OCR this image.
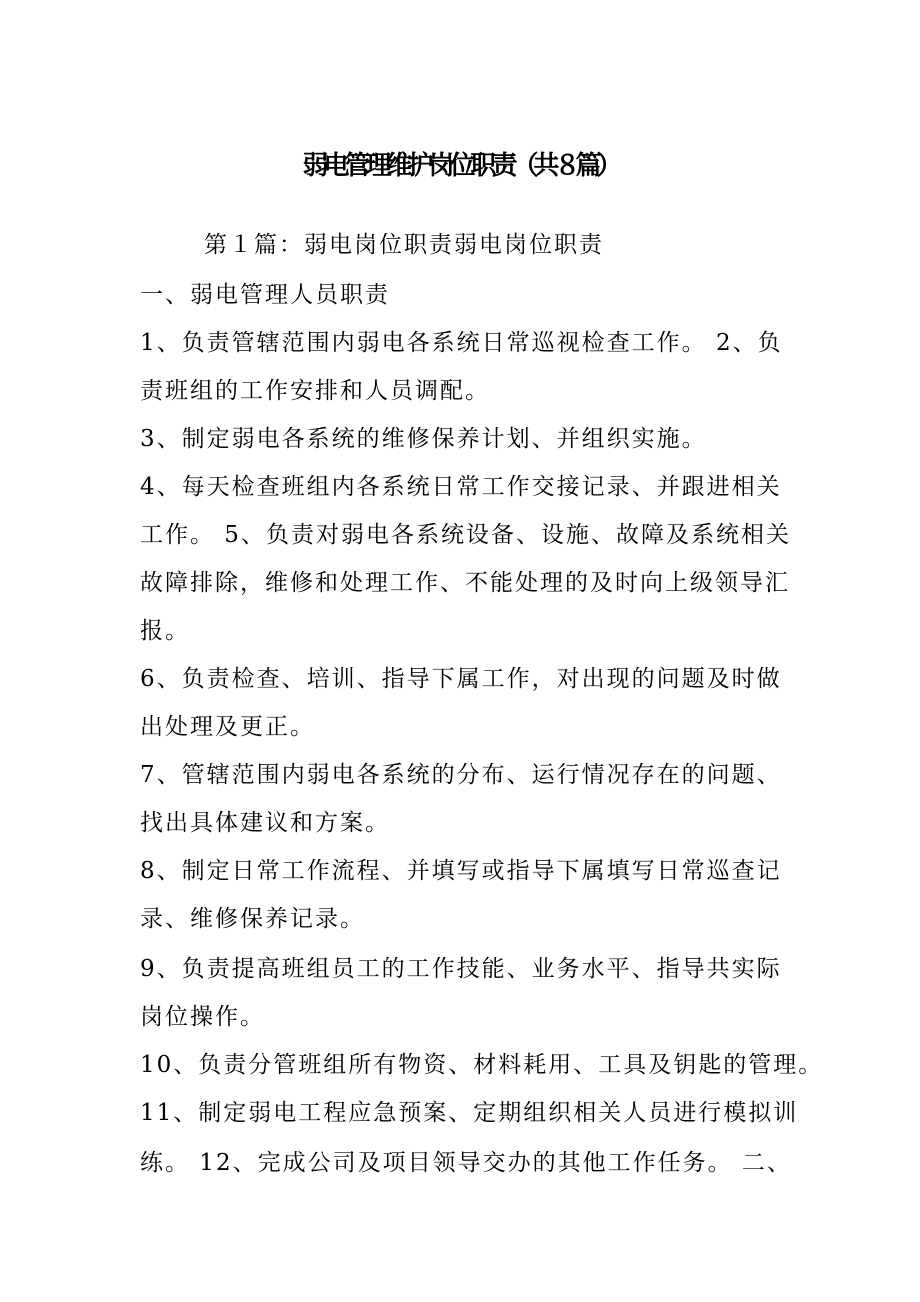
弱电管理维护岗位职责（共８篇）
第１篇：弱电岗位职责弱电岗位职责
一、弱电管理人员职责
1、负责管辖范围内弱电各系统日常巡视检查工作。 2、负
责班组的工作安排和人员调配。
3、制定弱电各系统的维修保养计划、并组织实施。
4、每天检查班组内各系统日常工作交接记录、并跟进相关
工作。 5、负责对弱电各系统设备、设施、故障及系统相关
故障排除，维修和处理工作、不能处理的及时向上级领导汇
报。
6、负责检查、培训、指导下属工作，对出现的问题及时做
出处理及更正。
7、管辖范围内弱电各系统的分布、运行情况存在的问题、
找出具体建议和方案。
8、制定日常工作流程、并填写或指导下属填写日常巡查记
录、维修保养记录。
9、负责提高班组员工的工作技能、业务水平、指导共实际
岗位操作。
10、负责分管班组所有物资、材料耗用、工具及钥匙的管理。
11、制定弱电工程应急预案、定期组织相关人员进行模拟训
练。 12、完成公司及项目领导交办的其他工作任务。 二、
